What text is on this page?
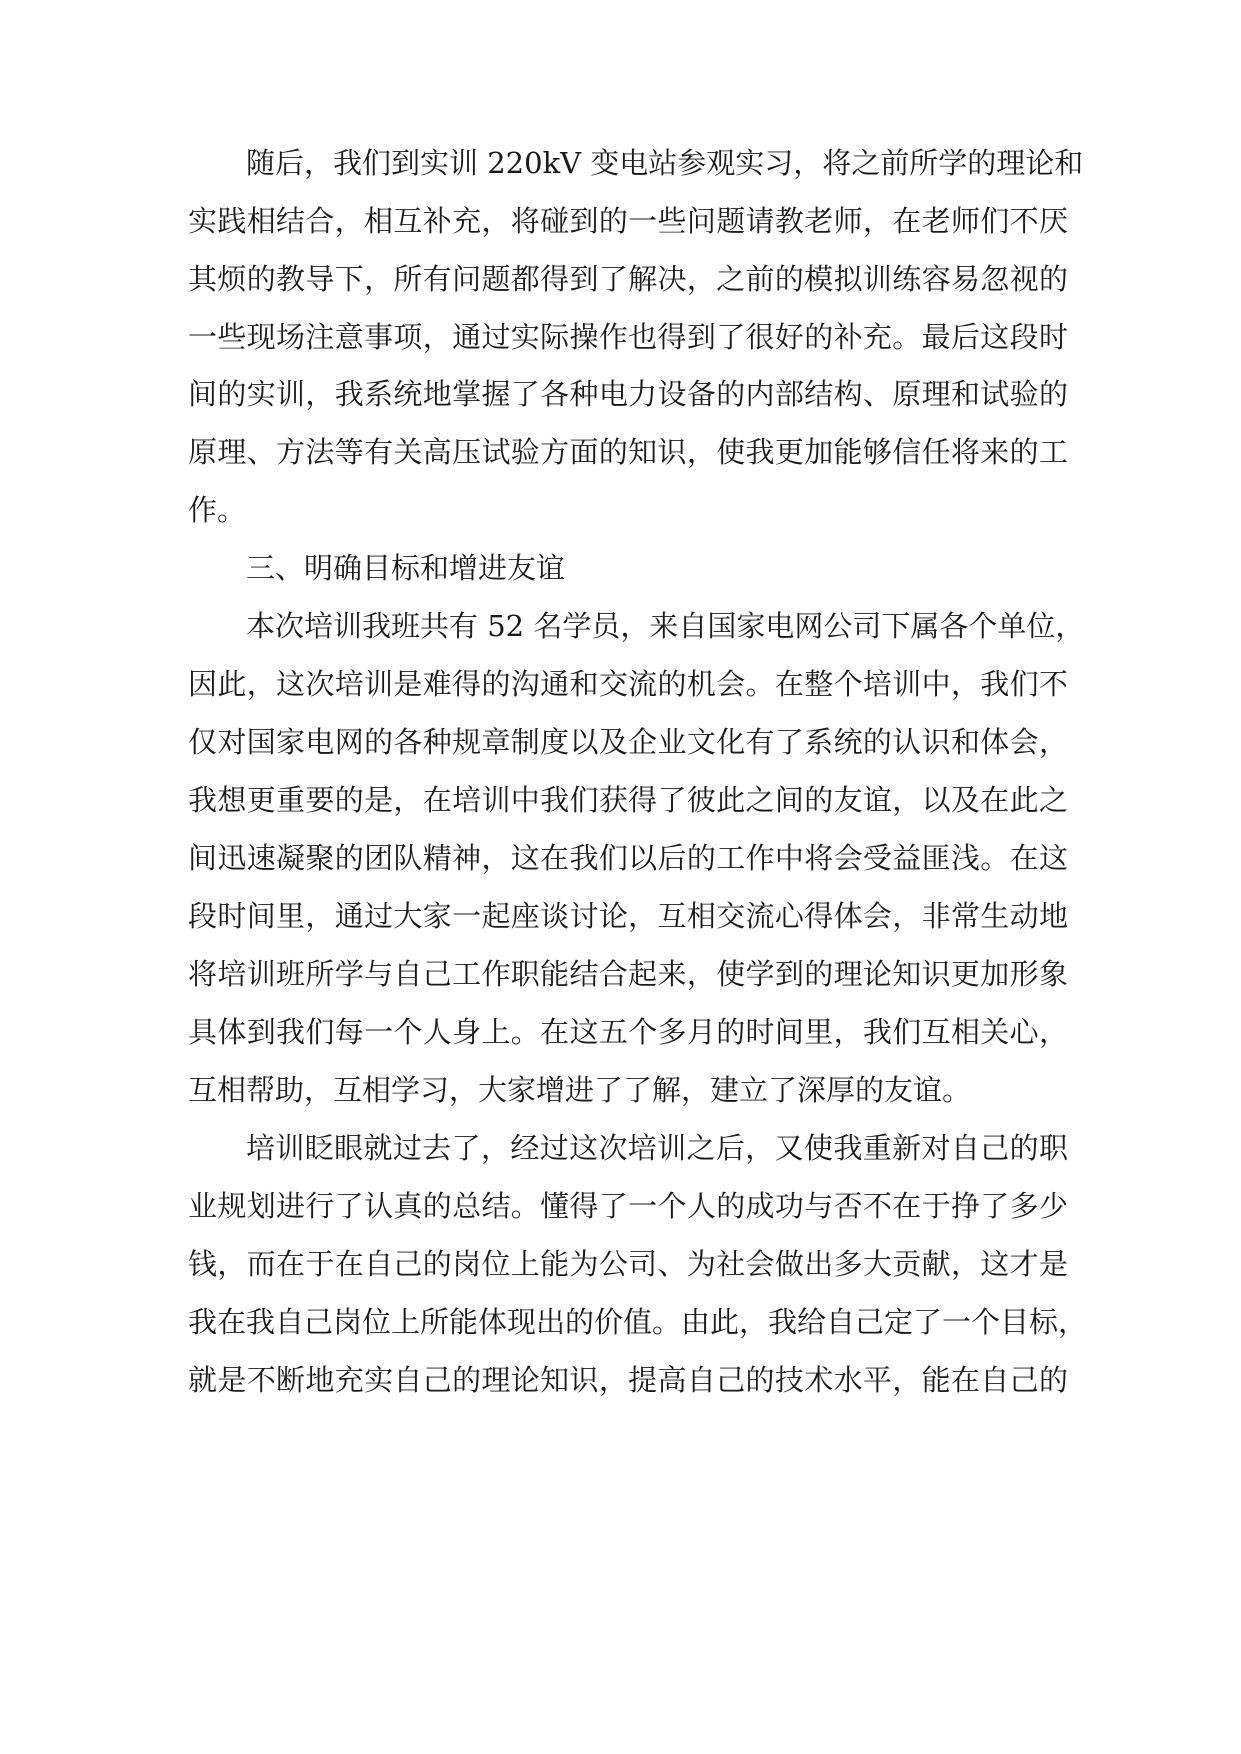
随后，我们到实训 220kV 变电站参观实习，将之前所学的理论和
实践相结合，相互补充，将碰到的一些问题请教老师，在老师们不厌
其烦的教导下，所有问题都得到了解决，之前的模拟训练容易忽视的
一些现场注意事项，通过实际操作也得到了很好的补充。最后这段时
间的实训，我系统地掌握了各种电力设备的内部结构、原理和试验的
原理、方法等有关高压试验方面的知识，使我更加能够信任将来的工
作。
三、明确目标和增进友谊
本次培训我班共有 52 名学员，来自国家电网公司下属各个单位，
因此，这次培训是难得的沟通和交流的机会。在整个培训中，我们不
仅对国家电网的各种规章制度以及企业文化有了系统的认识和体会，
我想更重要的是，在培训中我们获得了彼此之间的友谊，以及在此之
间迅速凝聚的团队精神，这在我们以后的工作中将会受益匪浅。在这
段时间里，通过大家一起座谈讨论，互相交流心得体会，非常生动地
将培训班所学与自己工作职能结合起来，使学到的理论知识更加形象
具体到我们每一个人身上。在这五个多月的时间里，我们互相关心，
互相帮助，互相学习，大家增进了了解，建立了深厚的友谊。
培训眨眼就过去了，经过这次培训之后，又使我重新对自己的职
业规划进行了认真的总结。懂得了一个人的成功与否不在于挣了多少
钱，而在于在自己的岗位上能为公司、为社会做出多大贡献，这才是
我在我自己岗位上所能体现出的价值。由此，我给自己定了一个目标，
就是不断地充实自己的理论知识，提高自己的技术水平，能在自己的
